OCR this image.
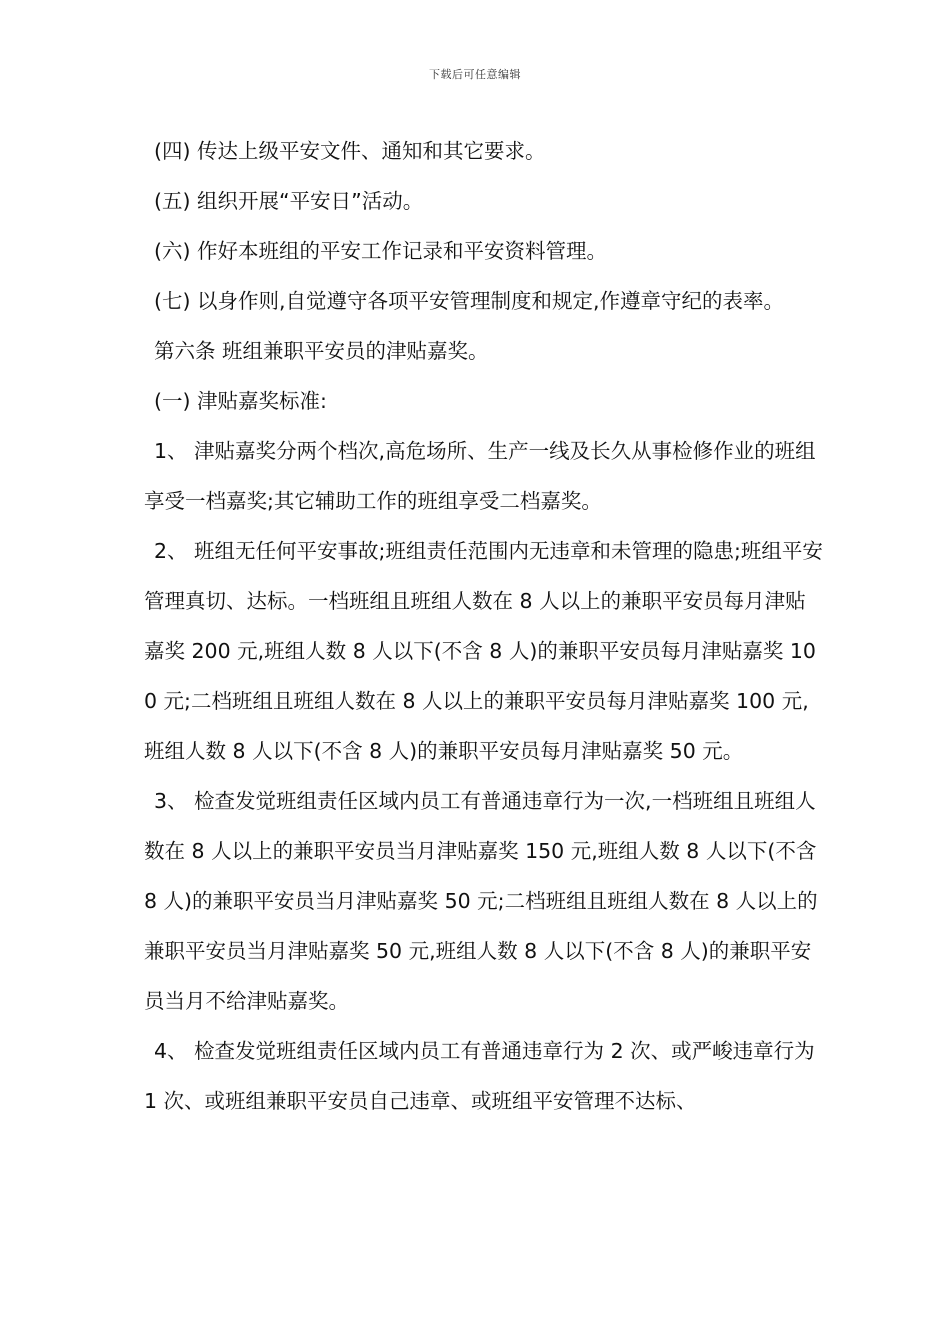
下载后可任意编辑

(四) 传达上级平安文件、通知和其它要求。

(五) 组织开展“平安日”活动。

(六) 作好本班组的平安工作记录和平安资料管理。

(七) 以身作则,自觉遵守各项平安管理制度和规定,作遵章守纪的表率。

第六条 班组兼职平安员的津贴嘉奖。

(一) 津贴嘉奖标准:

1、 津贴嘉奖分两个档次,高危场所、生产一线及长久从事检修作业的班组享受一档嘉奖;其它辅助工作的班组享受二档嘉奖。

2、 班组无任何平安事故;班组责任范围内无违章和未管理的隐患;班组平安管理真切、达标。一档班组且班组人数在 8 人以上的兼职平安员每月津贴嘉奖 200 元,班组人数 8 人以下(不含 8 人)的兼职平安员每月津贴嘉奖 100 元;二档班组且班组人数在 8 人以上的兼职平安员每月津贴嘉奖 100 元,班组人数 8 人以下(不含 8 人)的兼职平安员每月津贴嘉奖 50 元。

3、 检查发觉班组责任区域内员工有普通违章行为一次,一档班组且班组人数在 8 人以上的兼职平安员当月津贴嘉奖 150 元,班组人数 8 人以下(不含 8 人)的兼职平安员当月津贴嘉奖 50 元;二档班组且班组人数在 8 人以上的兼职平安员当月津贴嘉奖 50 元,班组人数 8 人以下(不含 8 人)的兼职平安员当月不给津贴嘉奖。

4、 检查发觉班组责任区域内员工有普通违章行为 2 次、或严峻违章行为 1 次、或班组兼职平安员自己违章、或班组平安管理不达标、
